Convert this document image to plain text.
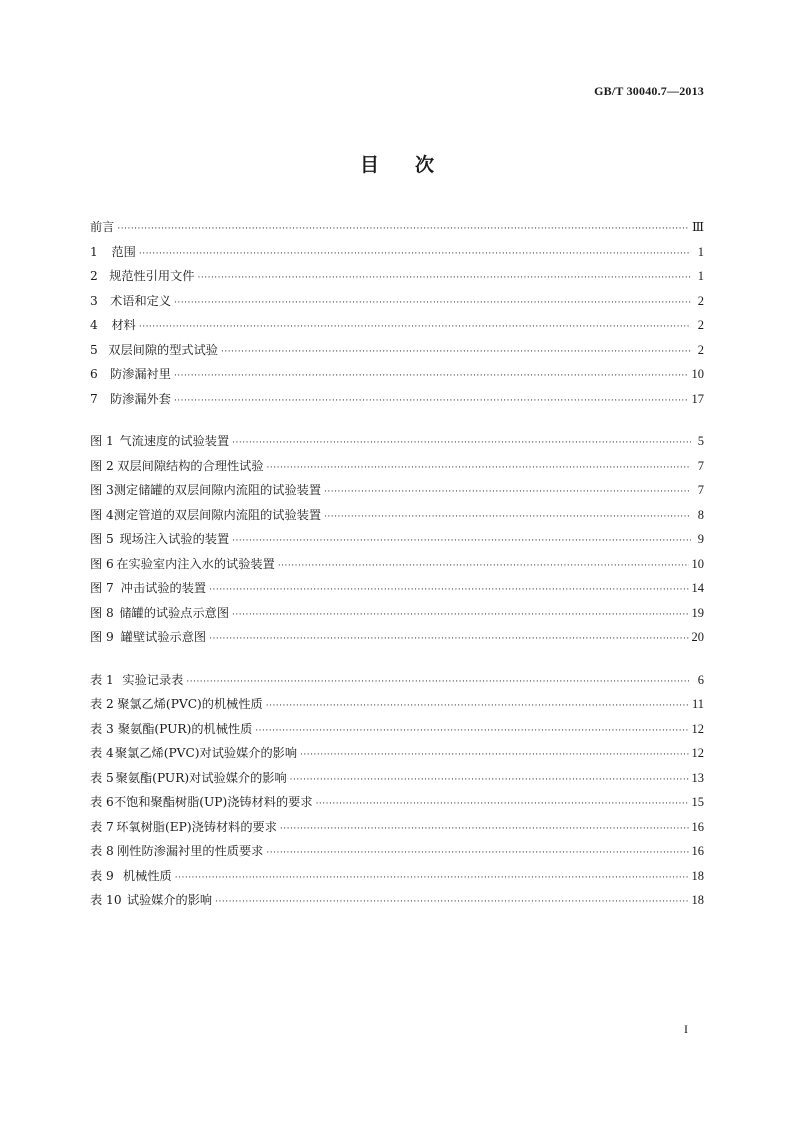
GB/T 30040.7—2013
目次
前言 ·····	Ⅲ
1	范围 ·····	1
2 规范性引用文件 ·····	1
3	术语和定义 ·····	2
4	材料 ·····	2
5 双层间隙的型式试验 ·····	2
6	防渗漏衬里 ·····	10
7	防渗漏外套 ·····	17
图 1 气流速度的试验装置 ·····	5
图 2 双层间隙结构的合理性试验 ·····	7
图 3 测定储罐的双层间隙内流阻的试验装置 ·····	7
图 4 测定管道的双层间隙内流阻的试验装置 ·····	8
图 5 现场注入试验的装置 ·····	9
图 6 在实验室内注入水的试验装置 ·····	10
图 7 冲击试验的装置 ·····	14
图 8 储罐的试验点示意图 ·····	19
图 9 罐壁试验示意图 ·····	20
表 1 实验记录表 ·····	6
表 2 聚氯乙烯(PVC)的机械性质 ·····	11
表 3 聚氨酯(PUR)的机械性质 ·····	12
表 4 聚氯乙烯(PVC)对试验媒介的影响 ·····	12
表 5 聚氨酯(PUR)对试验媒介的影响 ·····	13
表 6 不饱和聚酯树脂(UP)浇铸材料的要求 ·····	15
表 7 环氧树脂(EP)浇铸材料的要求 ·····	16
表 8 刚性防渗漏衬里的性质要求 ·····	16
表 9 机械性质 ·····	18
表 10 试验媒介的影响 ·····	18
I
